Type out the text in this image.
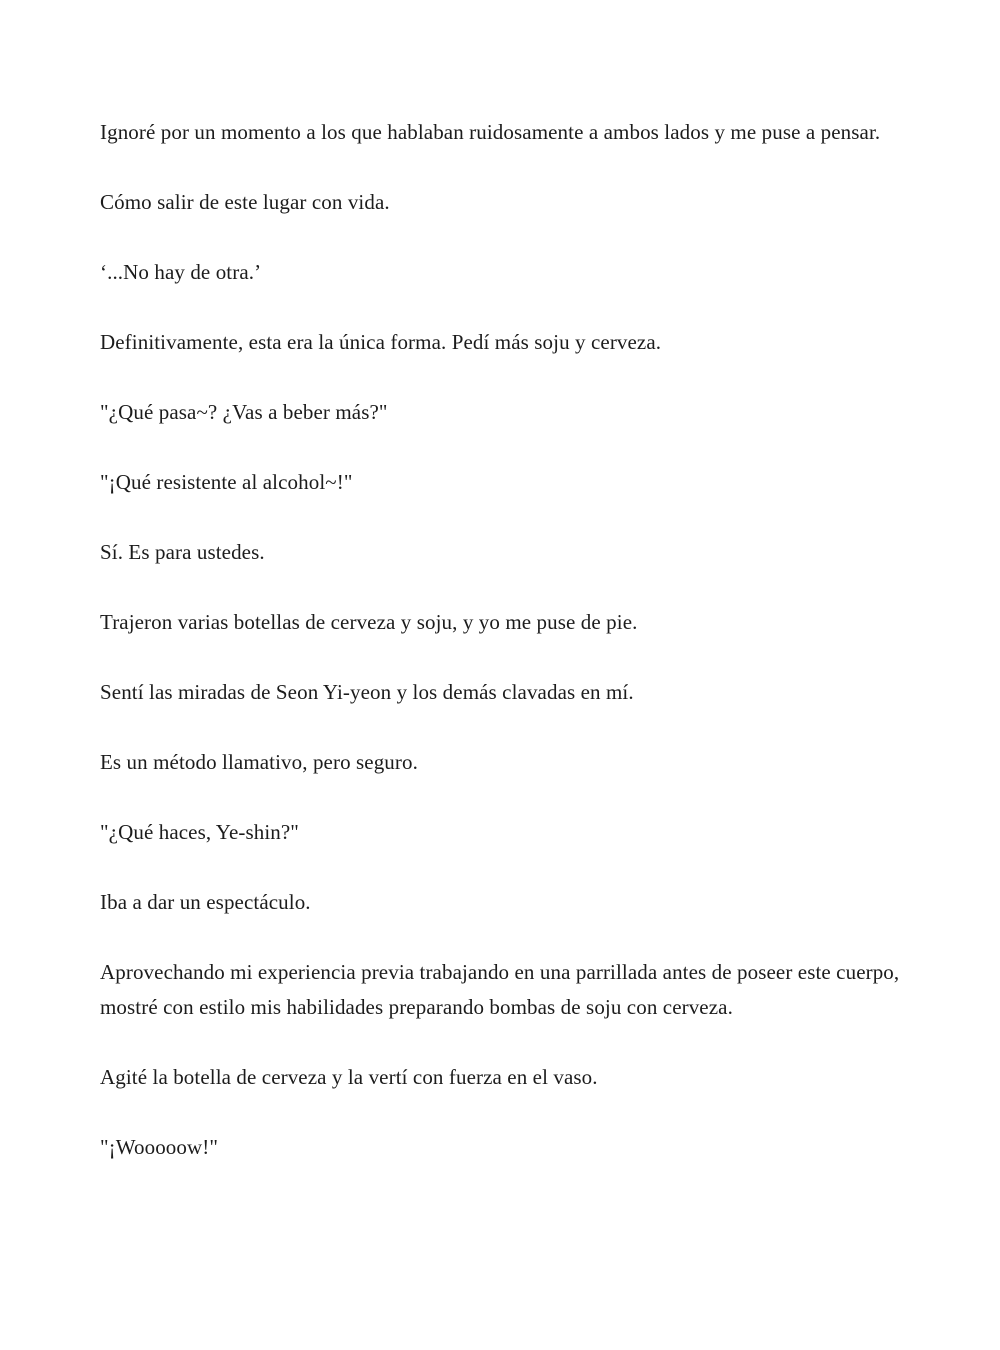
Ignoré por un momento a los que hablaban ruidosamente a ambos lados y me puse a pensar.

Cómo salir de este lugar con vida.

‘...No hay de otra.’

Definitivamente, esta era la única forma. Pedí más soju y cerveza.

"¿Qué pasa~? ¿Vas a beber más?"

"¡Qué resistente al alcohol~!"

Sí. Es para ustedes.

Trajeron varias botellas de cerveza y soju, y yo me puse de pie.

Sentí las miradas de Seon Yi-yeon y los demás clavadas en mí.

Es un método llamativo, pero seguro.

"¿Qué haces, Ye-shin?"

Iba a dar un espectáculo.

Aprovechando mi experiencia previa trabajando en una parrillada antes de poseer este cuerpo, mostré con estilo mis habilidades preparando bombas de soju con cerveza.

Agité la botella de cerveza y la vertí con fuerza en el vaso.

"¡Wooooow!"
